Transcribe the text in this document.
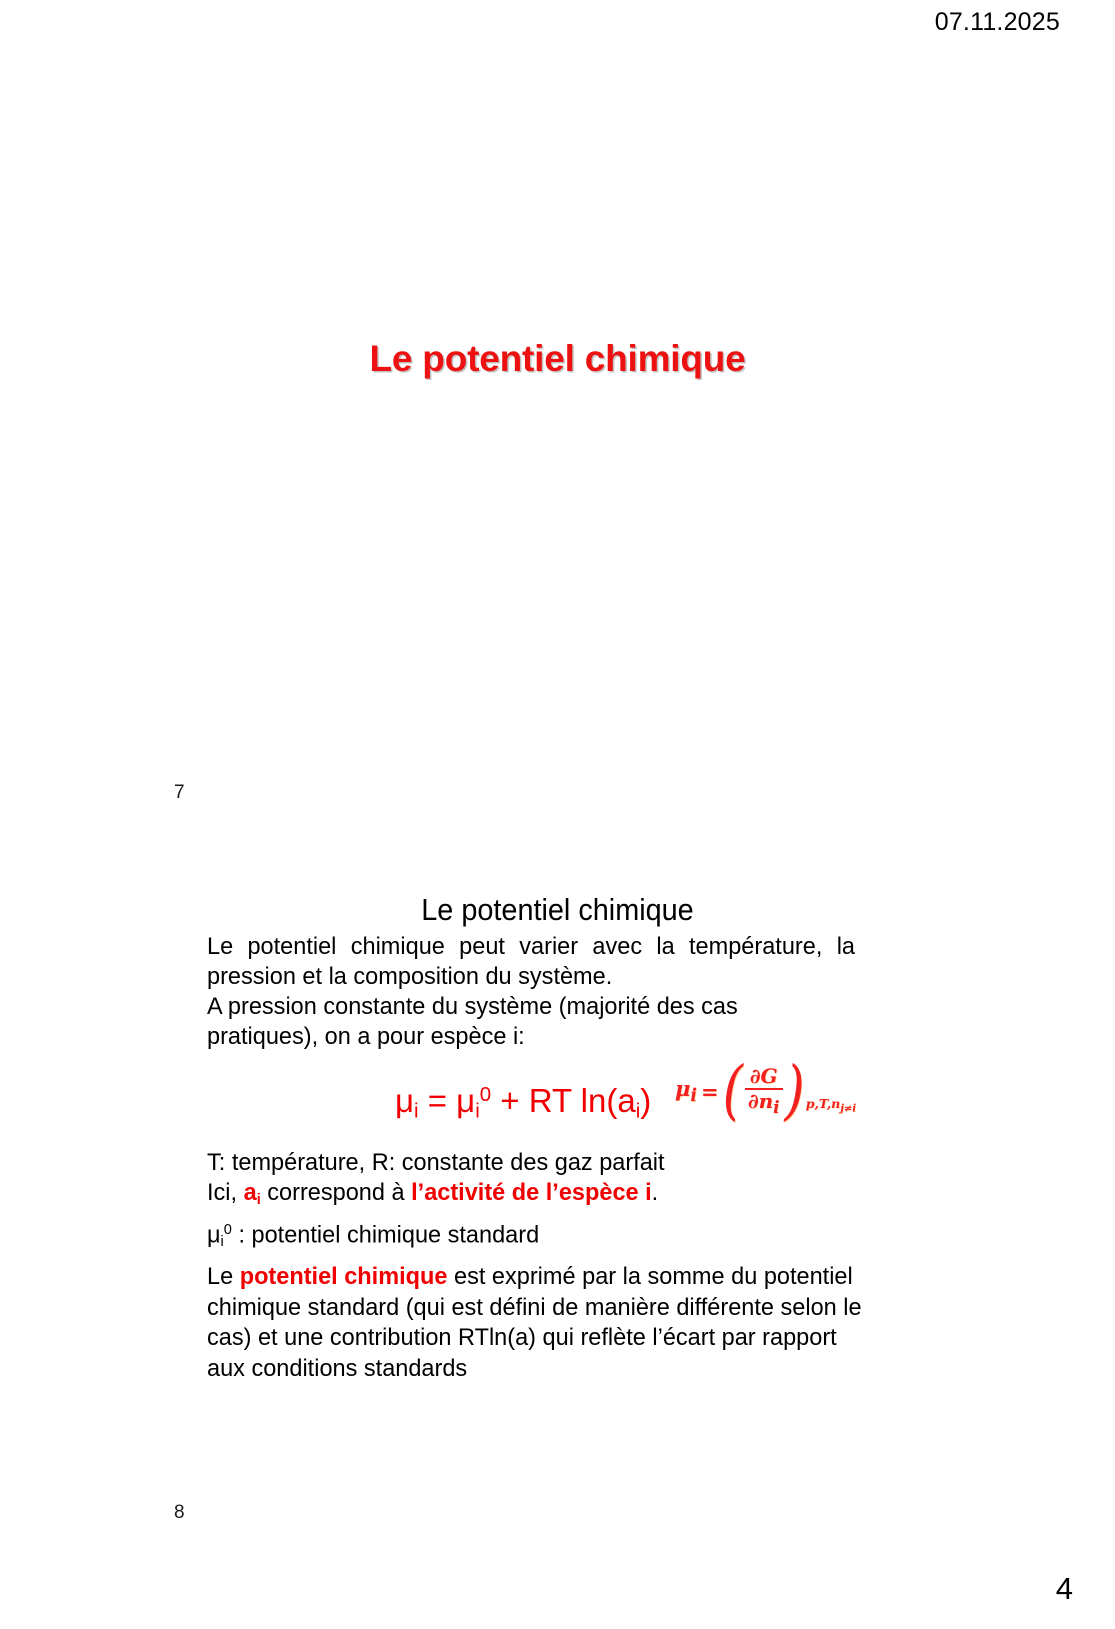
07.11.2025
Le potentiel chimique
7
Le potentiel chimique

Le potentiel chimique peut varier avec la température, la pression et la composition du système.

A pression constante du système (majorité des cas

pratiques), on a pour espèce i:

$\mu_i = \mu_i^0$ + RT $\ln(a_i) \mu_i$ = ( $\frac{\partial G}{\partial n_i}$ ) $p,T,n_{j\ne i}$

T: température, R: constante des gaz parfait

Ici, ai correspond à l’activité de l’espèce i.

$\mu i^0$ : potentiel chimique standard

Le potentiel chimique est exprimé par la somme du potentiel chimique standard (qui est défini de manière différente selon le cas) et une contribution RTln(a) qui reflète l’écart par rapport aux conditions standards

8
4
